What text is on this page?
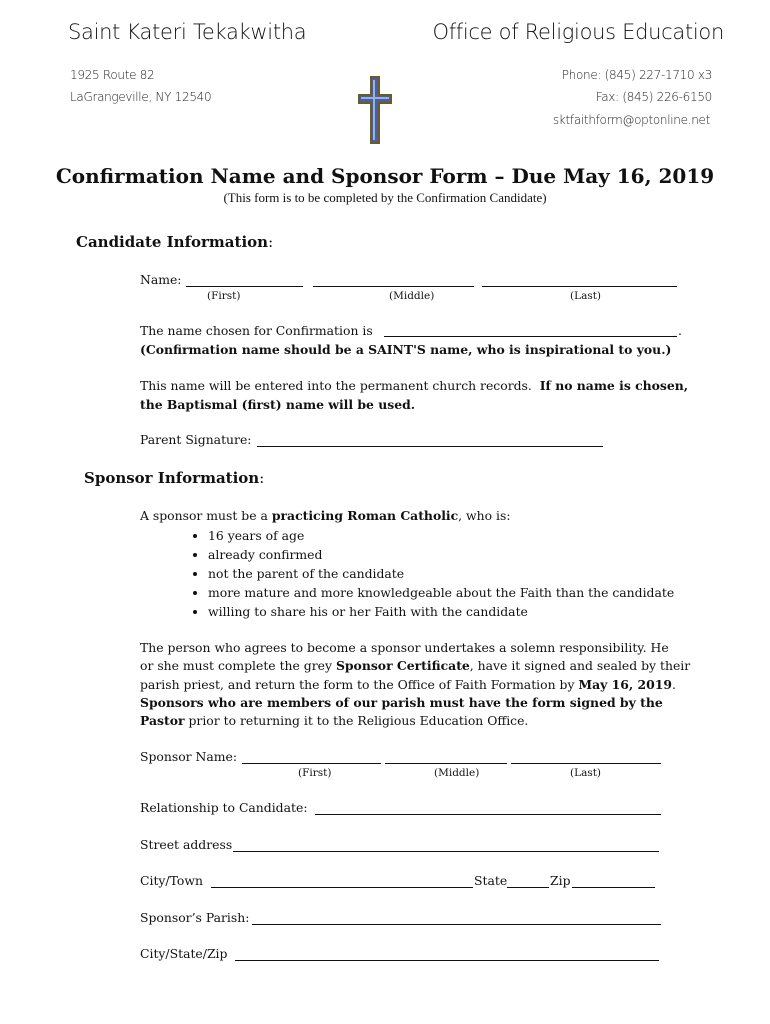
Saint Kateri Tekakwitha	Office of Religious Education
1925 Route 82
LaGrangeville, NY 12540
Phone: (845) 227-1710 x3
Fax: (845) 226-6150
sktfaithform@optonline.net
Confirmation Name and Sponsor Form – Due May 16, 2019
(This form is to be completed by the Confirmation Candidate)
Candidate Information:
Name:
(First)	(Middle)	(Last)
The name chosen for Confirmation is	.
(Confirmation name should be a SAINT'S name, who is inspirational to you.)
This name will be entered into the permanent church records. If no name is chosen,
the Baptismal (first) name will be used.
Parent Signature:
Sponsor Information:
A sponsor must be a practicing Roman Catholic, who is:
• 16 years of age
• already confirmed
• not the parent of the candidate
• more mature and more knowledgeable about the Faith than the candidate
• willing to share his or her Faith with the candidate
The person who agrees to become a sponsor undertakes a solemn responsibility. He
or she must complete the grey Sponsor Certificate, have it signed and sealed by their
parish priest, and return the form to the Office of Faith Formation by May 16, 2019.
Sponsors who are members of our parish must have the form signed by the
Pastor prior to returning it to the Religious Education Office.
Sponsor Name:
(First)	(Middle)	(Last)
Relationship to Candidate:
Street address
City/Town	State	Zip
Sponsor’s Parish:
City/State/Zip
